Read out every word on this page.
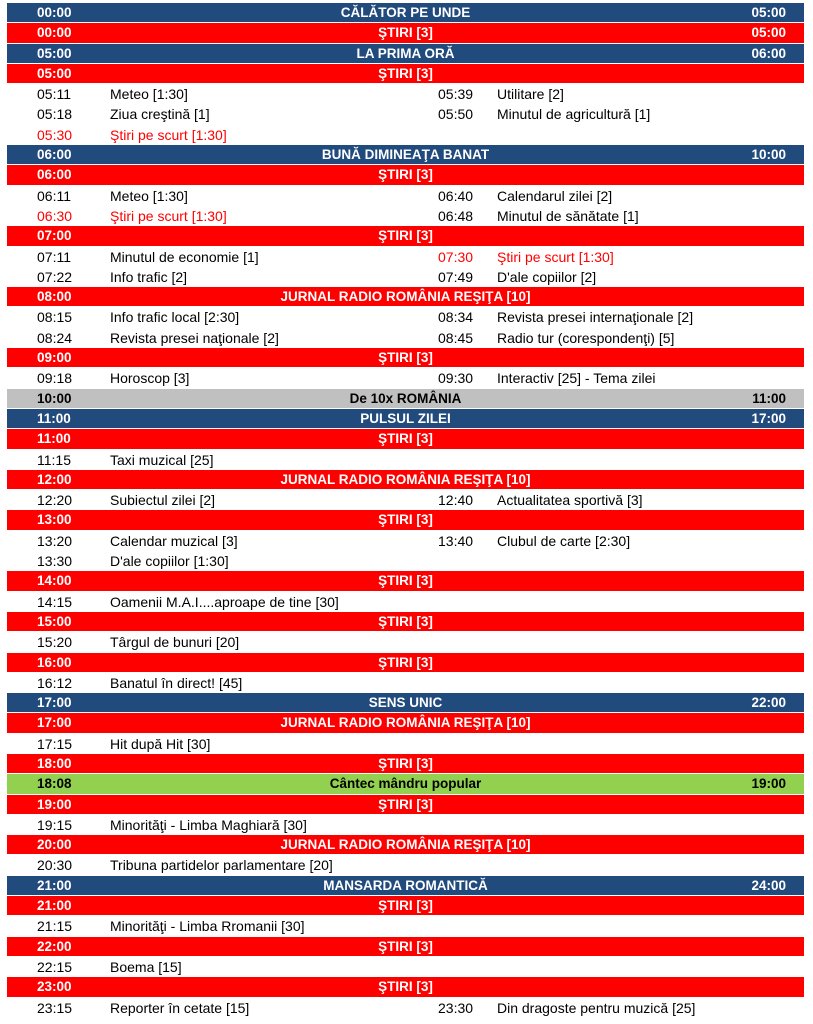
00:00	CĂLĂTOR PE UNDE	05:00
00:00	ŞTIRI [3]	05:00
05:00	LA PRIMA ORĂ	06:00
05:00	ŞTIRI [3]
05:11	Meteo [1:30]	05:39 Utilitare [2]
05:18	Ziua creştină [1]	05:50 Minutul de agricultură [1]
05:30	Ştiri pe scurt [1:30]
06:00	BUNĂ DIMINEAŢA BANAT	10:00
06:00	ŞTIRI [3]
06:11	Meteo [1:30]	06:40 Calendarul zilei [2]
06:30	Ştiri pe scurt [1:30]	06:48 Minutul de sănătate [1]
07:00	ŞTIRI [3]
07:11	Minutul de economie [1]	07:30 Ştiri pe scurt [1:30]
07:22	Info trafic [2]	07:49 D'ale copiilor [2]
08:00	JURNAL RADIO ROMÂNIA REŞIŢA [10]
08:15	Info trafic local [2:30]	08:34 Revista presei internaţionale [2]
08:24	Revista presei naţionale [2]	08:45 Radio tur (corespondenţi) [5]
09:00	ŞTIRI [3]
09:18	Horoscop [3]	09:30 Interactiv [25] - Tema zilei
10:00	De 10x ROMÂNIA	11:00
11:00	PULSUL ZILEI	17:00
11:00	ŞTIRI [3]
11:15	Taxi muzical [25]
12:00	JURNAL RADIO ROMÂNIA REŞIŢA [10]
12:20	Subiectul zilei [2]	12:40 Actualitatea sportivă [3]
13:00	ŞTIRI [3]
13:20	Calendar muzical [3]	13:40 Clubul de carte [2:30]
13:30	D'ale copiilor [1:30]
14:00	ŞTIRI [3]
14:15	Oamenii M.A.I....aproape de tine [30]
15:00	ŞTIRI [3]
15:20	Târgul de bunuri [20]
16:00	ŞTIRI [3]
16:12	Banatul în direct! [45]
17:00	SENS UNIC	22:00
17:00	JURNAL RADIO ROMÂNIA REŞIŢA [10]
17:15	Hit după Hit [30]
18:00	ŞTIRI [3]
18:08	Cântec mândru popular	19:00
19:00	ŞTIRI [3]
19:15	Minorităţi - Limba Maghiară [30]
20:00	JURNAL RADIO ROMÂNIA REŞIŢA [10]
20:30	Tribuna partidelor parlamentare [20]
21:00	MANSARDA ROMANTICĂ	24:00
21:00	ŞTIRI [3]
21:15	Minorităţi - Limba Rromanii [30]
22:00	ŞTIRI [3]
22:15	Boema [15]
23:00	ŞTIRI [3]
23:15	Reporter în cetate [15]	23:30 Din dragoste pentru muzică [25]
